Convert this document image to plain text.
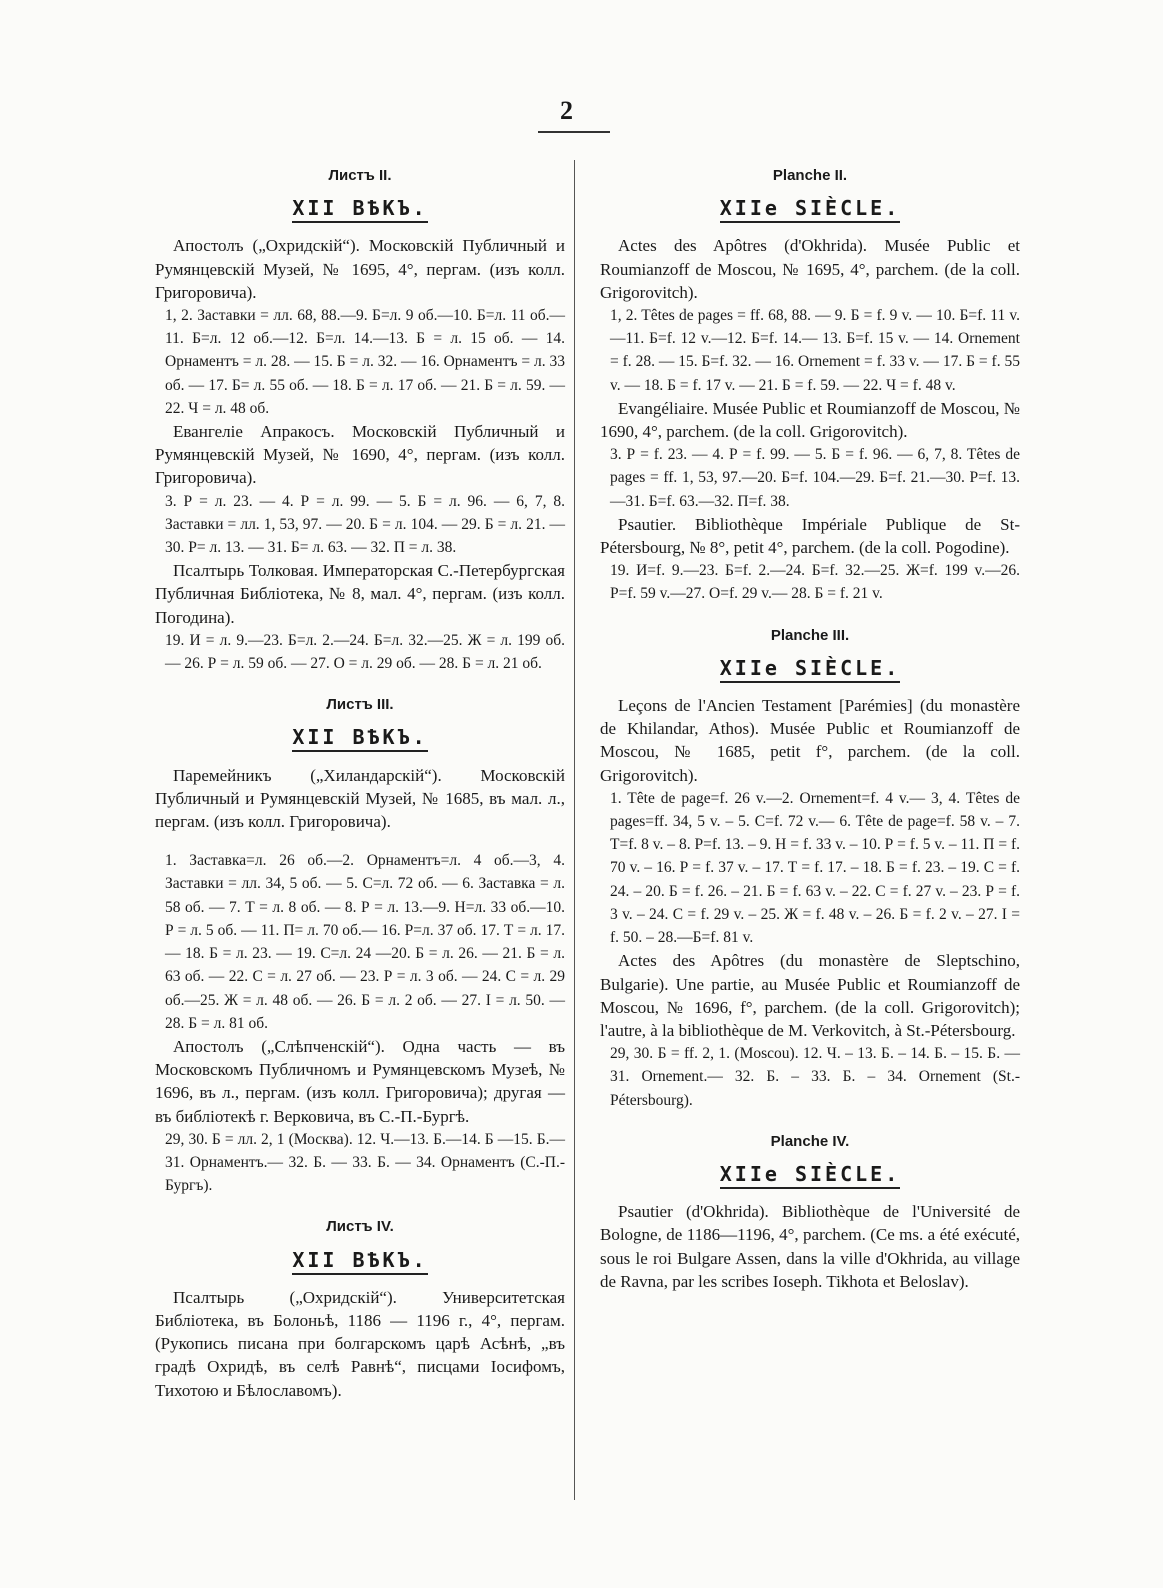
2
Листъ II.
XII ВѢКЪ.

Апостолъ („Охридскій“). Московскій Публичный и Румянцевскій Музей, № 1695, 4°, пергам. (изъ колл. Григоровича).

1, 2. Заставки = лл. 68, 88.—9. Б=л. 9 об.—10. Б=л. 11 об.—11. Б=л. 12 об.—12. Б=л. 14.—13. Б = л. 15 об. — 14. Орнаментъ = л. 28. — 15. Б = л. 32. — 16. Орнаментъ = л. 33 об. — 17. Б= л. 55 об. — 18. Б = л. 17 об. — 21. Б = л. 59. — 22. Ч = л. 48 об.

Евангеліе Апракосъ. Московскій Публичный и Румянцевскій Музей, № 1690, 4°, пергам. (изъ колл. Григоровича).

3. Р = л. 23. — 4. Р = л. 99. — 5. Б = л. 96. — 6, 7, 8. Заставки = лл. 1, 53, 97. — 20. Б = л. 104. — 29. Б = л. 21. — 30. Р= л. 13. — 31. Б= л. 63. — 32. П = л. 38.

Псалтырь Толковая. Императорская С.-Петербургская Публичная Библіотека, № 8, мал. 4°, пергам. (изъ колл. Погодина).

19. И = л. 9.—23. Б=л. 2.—24. Б=л. 32.—25. Ж = л. 199 об. — 26. Р = л. 59 об. — 27. О = л. 29 об. — 28. Б = л. 21 об.

Листъ III.
XII ВѢКЪ.

Паремейникъ („Хиландарскій“). Московскій Публичный и Румянцевскій Музей, № 1685, въ мал. л., пергам. (изъ колл. Григоровича).

1. Заставка=л. 26 об.—2. Орнаментъ=л. 4 об.—3, 4. Заставки = лл. 34, 5 об. — 5. С=л. 72 об. — 6. Заставка = л. 58 об. — 7. Т = л. 8 об. — 8. Р = л. 13.—9. Н=л. 33 об.—10. Р = л. 5 об. — 11. П= л. 70 об.— 16. Р=л. 37 об. 17. Т = л. 17. — 18. Б = л. 23. — 19. С=л. 24 —20. Б = л. 26. — 21. Б = л. 63 об. — 22. С = л. 27 об. — 23. Р = л. 3 об. — 24. С = л. 29 об.—25. Ж = л. 48 об. — 26. Б = л. 2 об. — 27. І = л. 50. — 28. Б = л. 81 об.

Апостолъ („Слѣпченскій“). Одна часть — въ Московскомъ Публичномъ и Румянцевскомъ Музеѣ, № 1696, въ л., пергам. (изъ колл. Григоровича); другая — въ библіотекѣ г. Верковича, въ С.-П.-Бургѣ.

29, 30. Б = лл. 2, 1 (Москва). 12. Ч.—13. Б.—14. Б —15. Б.—31. Орнаментъ.— 32. Б. — 33. Б. — 34. Орнаментъ (С.-П.-Бургъ).

Листъ IV.
XII ВѢКЪ.

Псалтырь („Охридскій“). Университетская Библіотека, въ Болоньѣ, 1186 — 1196 г., 4°, пергам. (Рукопись писана при болгарскомъ царѣ Асѣнѣ, „въ градѣ Охридѣ, въ селѣ Равнѣ“, писцами Іосифомъ, Тихотою и Бѣлославомъ).

Planche II.
XIIe SIÈCLE.

Actes des Apôtres (d'Okhrida). Musée Public et Roumianzoff de Moscou, № 1695, 4°, parchem. (de la coll. Grigorovitch).

1, 2. Têtes de pages = ff. 68, 88. — 9. Б = f. 9 v. — 10. Б=f. 11 v.—11. Б=f. 12 v.—12. Б=f. 14.— 13. Б=f. 15 v. — 14. Ornement = f. 28. — 15. Б=f. 32. — 16. Ornement = f. 33 v. — 17. Б = f. 55 v. — 18. Б = f. 17 v. — 21. Б = f. 59. — 22. Ч = f. 48 v.

Evangéliaire. Musée Public et Roumianzoff de Moscou, № 1690, 4°, parchem. (de la coll. Grigorovitch).

3. Р = f. 23. — 4. Р = f. 99. — 5. Б = f. 96. — 6, 7, 8. Têtes de pages = ff. 1, 53, 97.—20. Б=f. 104.—29. Б=f. 21.—30. Р=f. 13.—31. Б=f. 63.—32. П=f. 38.

Psautier. Bibliothèque Impériale Publique de St-Pétersbourg, № 8°, petit 4°, parchem. (de la coll. Pogodine).

19. И=f. 9.—23. Б=f. 2.—24. Б=f. 32.—25. Ж=f. 199 v.—26. Р=f. 59 v.—27. О=f. 29 v.— 28. Б = f. 21 v.

Planche III.
XIIe SIÈCLE.

Leçons de l'Ancien Testament [Parémies] (du monastère de Khilandar, Athos). Musée Public et Roumianzoff de Moscou, № 1685, petit f°, parchem. (de la coll. Grigorovitch).

1. Tête de page=f. 26 v.—2. Ornement=f. 4 v.— 3, 4. Têtes de pages=ff. 34, 5 v. – 5. С=f. 72 v.— 6. Tête de page=f. 58 v. – 7. Т=f. 8 v. – 8. Р=f. 13. – 9. Н = f. 33 v. – 10. Р = f. 5 v. – 11. П = f. 70 v. – 16. Р = f. 37 v. – 17. Т = f. 17. – 18. Б = f. 23. – 19. С = f. 24. – 20. Б = f. 26. – 21. Б = f. 63 v. – 22. С = f. 27 v. – 23. Р = f. 3 v. – 24. С = f. 29 v. – 25. Ж = f. 48 v. – 26. Б = f. 2 v. – 27. І = f. 50. – 28.—Б=f. 81 v.

Actes des Apôtres (du monastère de Sleptschino, Bulgarie). Une partie, au Musée Public et Roumianzoff de Moscou, № 1696, f°, parchem. (de la coll. Grigorovitch); l'autre, à la bibliothèque de M. Verkovitch, à St.-Pétersbourg.

29, 30. Б = ff. 2, 1. (Moscou). 12. Ч. – 13. Б. – 14. Б. – 15. Б. — 31. Ornement.— 32. Б. – 33. Б. – 34. Ornement (St.-Pétersbourg).

Planche IV.
XIIe SIÈCLE.

Psautier (d'Okhrida). Bibliothèque de l'Université de Bologne, de 1186—1196, 4°, parchem. (Ce ms. a été exécuté, sous le roi Bulgare Assen, dans la ville d'Okhrida, au village de Ravna, par les scribes Ioseph. Tikhota et Beloslav).
